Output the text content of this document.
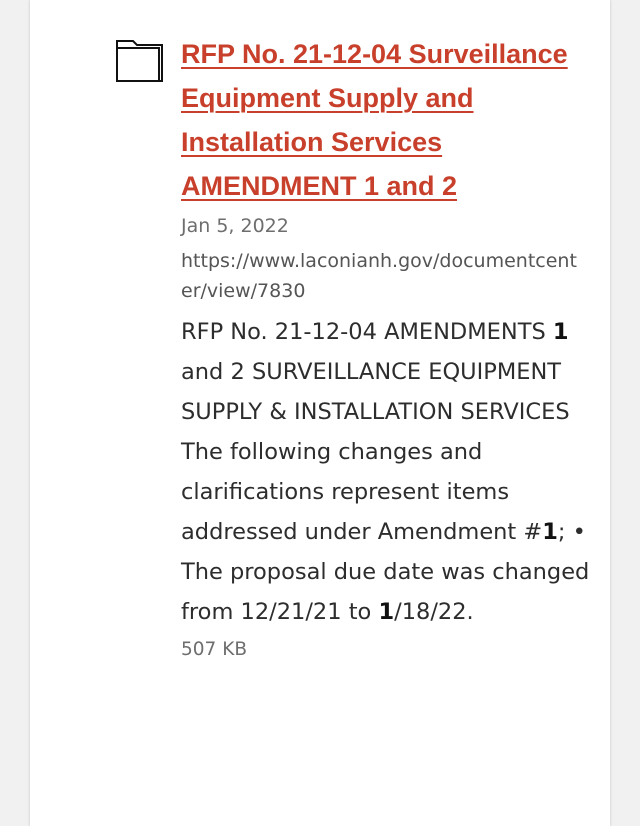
RFP No. 21-12-04 Surveillance Equipment Supply and Installation Services AMENDMENT 1 and 2
Jan 5, 2022
https://www.laconianh.gov/documentcenter/view/7830
RFP No. 21-12-04 AMENDMENTS 1 and 2 SURVEILLANCE EQUIPMENT SUPPLY & INSTALLATION SERVICES The following changes and clarifications represent items addressed under Amendment #1; • The proposal due date was changed from 12/21/21 to 1/18/22.
507 KB
